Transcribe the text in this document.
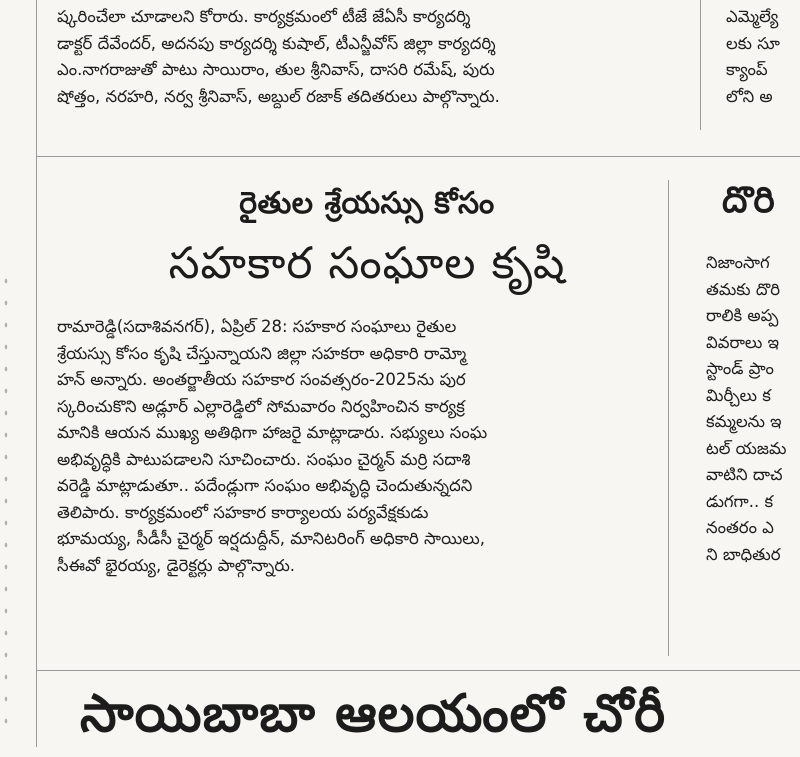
ష్కరించేలా చూడాలని కోరారు. కార్యక్రమంలో టీజే జేఏసీ కార్యదర్శి
డాక్టర్ దేవేందర్, అదనపు కార్యదర్శి కుషాల్, టీఎన్జీవోస్ జిల్లా కార్యదర్శి
ఎం.నాగరాజుతో పాటు సాయిరాం, తుల శ్రీనివాస్, దాసరి రమేష్, పురు
షోత్తం, నరహరి, నర్వ శ్రీనివాస్, అబ్దుల్ రజాక్ తదితరులు పాల్గొన్నారు.
ఎమ్మెల్యే
లకు సూ
క్యాంప్
లోని అ
రైతుల శ్రేయస్సు కోసం
సహకార సంఘాల కృషి
రామారెడ్డి(సదాశివనగర్), ఏప్రిల్ 28: సహకార సంఘాలు రైతుల
శ్రేయస్సు కోసం కృషి చేస్తున్నాయని జిల్లా సహకరా అధికారి రామ్మో
హన్ అన్నారు. అంతర్జాతీయ సహకార సంవత్సరం-2025ను పుర
స్కరించుకొని అడ్లూర్ ఎల్లారెడ్డిలో సోమవారం నిర్వహించిన కార్యక్ర
మానికి ఆయన ముఖ్య అతిథిగా హాజరై మాట్లాడారు. సభ్యులు సంఘ
అభివృద్ధికి పాటుపడాలని సూచించారు. సంఘం చైర్మన్ మర్రి సదాశి
వరెడ్డి మాట్లాడుతూ.. పదేండ్లుగా సంఘం అభివృద్ధి చెందుతున్నదని
తెలిపారు. కార్యక్రమంలో సహకార కార్యాలయ పర్యవేక్షకుడు
భూమయ్య, సీడీసీ చైర్మర్ ఇర్షదుద్దీన్, మానిటరింగ్ అధికారి సాయిలు,
సీఈవో భైరయ్య, డైరెక్టర్లు పాల్గొన్నారు.
దొరి
నిజాంసాగ
తమకు దొరి
రాలికి అప్ప
వివరాలు ఇ
స్టాండ్ ప్రాం
మిర్చీలు క
కమ్మలను ఇ
టల్ యజమ
వాటిని దాచ
డుగగా.. క
నంతరం ఎ
ని బాధితుర
సాయిబాబా ఆలయంలో చోరీ
